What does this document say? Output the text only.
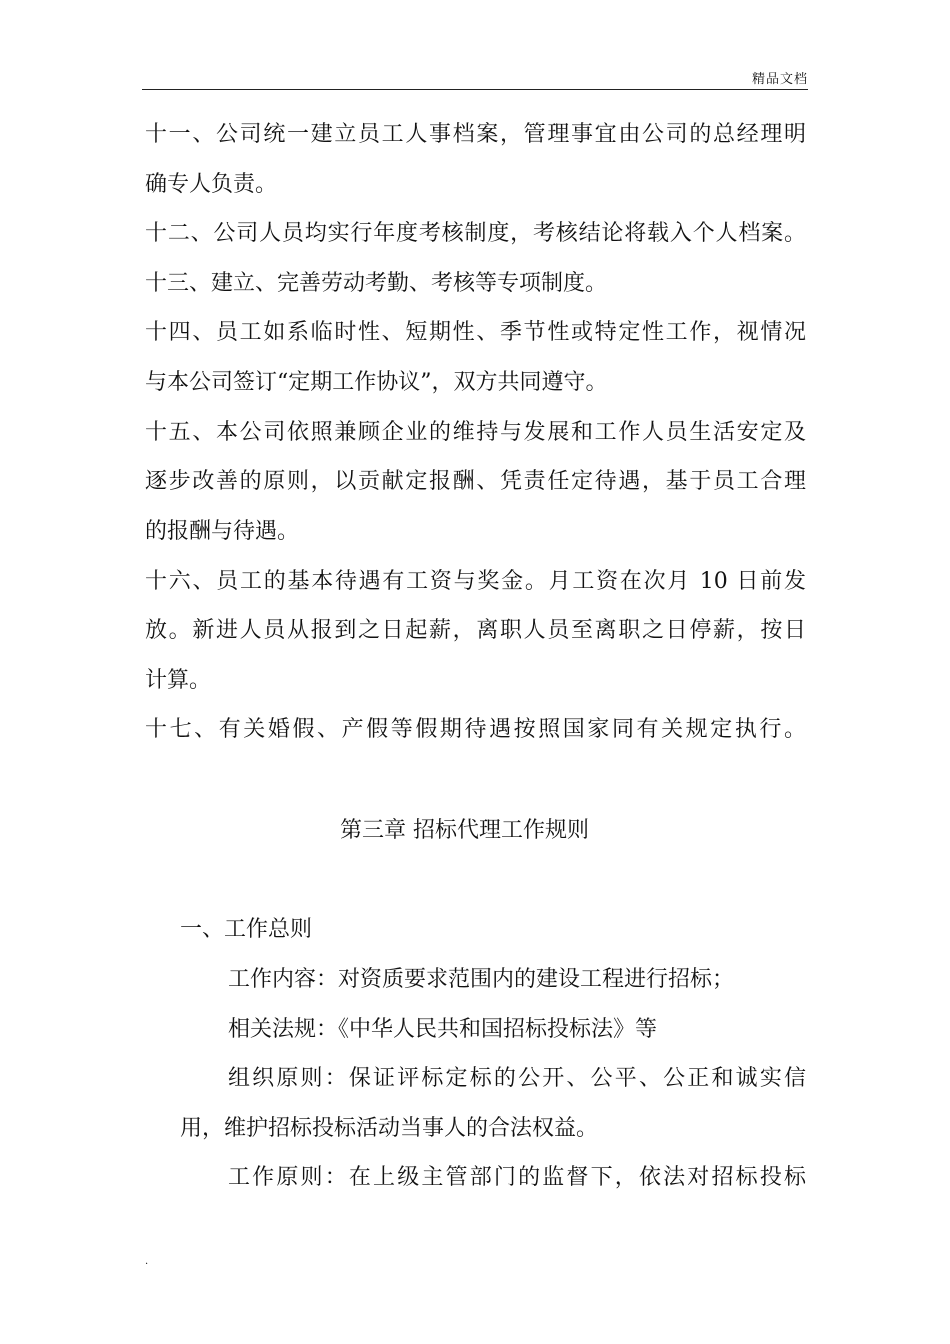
精品文档
十一、公司统一建立员工人事档案，管理事宜由公司的总经理明
确专人负责。
十二、公司人员均实行年度考核制度，考核结论将载入个人档案。
十三、建立、完善劳动考勤、考核等专项制度。
十四、员工如系临时性、短期性、季节性或特定性工作，视情况
与本公司签订“定期工作协议”，双方共同遵守。
十五、本公司依照兼顾企业的维持与发展和工作人员生活安定及
逐步改善的原则，以贡献定报酬、凭责任定待遇，基于员工合理
的报酬与待遇。
十六、员工的基本待遇有工资与奖金。月工资在次月 10 日前发
放。新进人员从报到之日起薪，离职人员至离职之日停薪，按日
计算。
十七、有关婚假、产假等假期待遇按照国家同有关规定执行。
第三章 招标代理工作规则
一、工作总则
工作内容：对资质要求范围内的建设工程进行招标；
相关法规：《中华人民共和国招标投标法》等
组织原则：保证评标定标的公开、公平、公正和诚实信
用，维护招标投标活动当事人的合法权益。
工作原则：在上级主管部门的监督下，依法对招标投标
.
